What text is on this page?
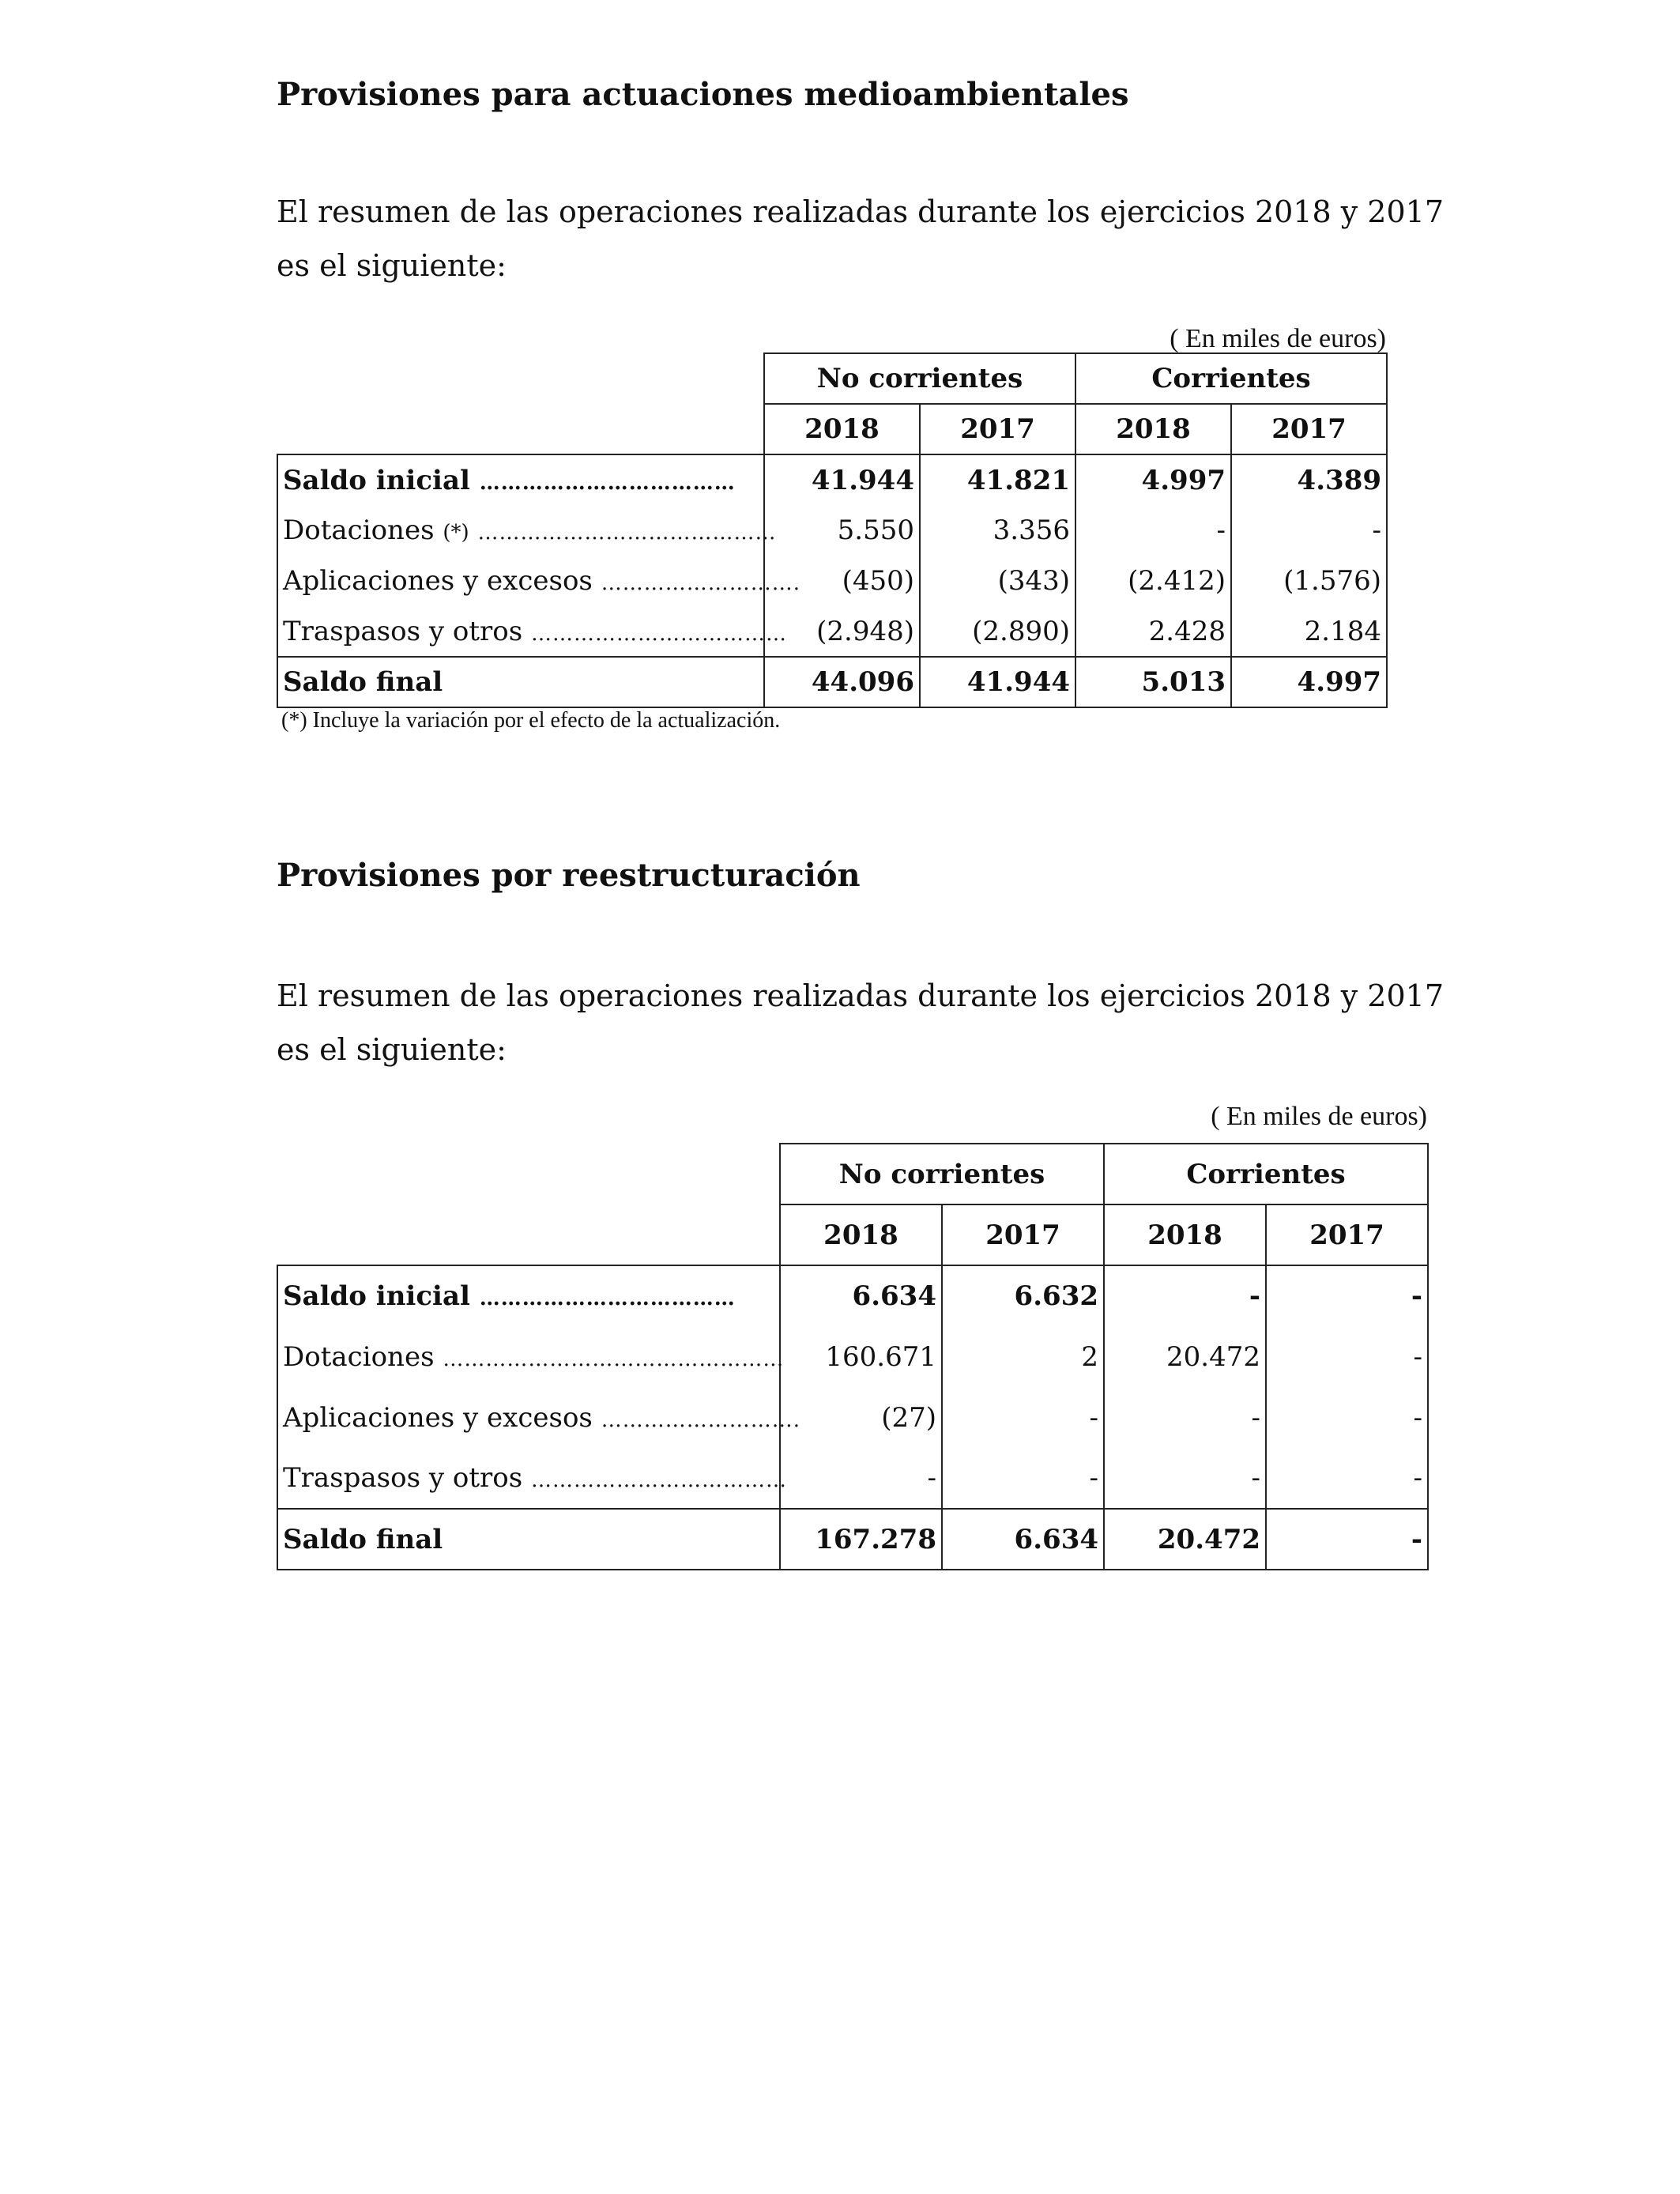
Provisiones para actuaciones medioambientales
El resumen de las operaciones realizadas durante los ejercicios 2018 y 2017
es el siguiente:
( En miles de euros)
	No corrientes		Corrientes	
	2018	2017	2018	2017
Saldo inicial ………………………………	41.944	41.821	4.997	4.389
Dotaciones (*) ……………………………………	5.550	3.356	-	-
Aplicaciones y excesos ……………………….	(450)	(343)	(2.412)	(1.576)
Traspasos y otros ………………………………	(2.948)	(2.890)	2.428	2.184
Saldo final	44.096	41.944	5.013	4.997
(*) Incluye la variación por el efecto de la actualización.
Provisiones por reestructuración
El resumen de las operaciones realizadas durante los ejercicios 2018 y 2017
es el siguiente:
( En miles de euros)
	No corrientes		Corrientes	
	2018	2017	2018	2017
Saldo inicial ………………………………	6.634	6.632	-	-
Dotaciones …………………………………………	160.671	2	20.472	-
Aplicaciones y excesos ……………………….	(27)	-	-	-
Traspasos y otros ………………………………	-	-	-	-
Saldo final	167.278	6.634	20.472	-
